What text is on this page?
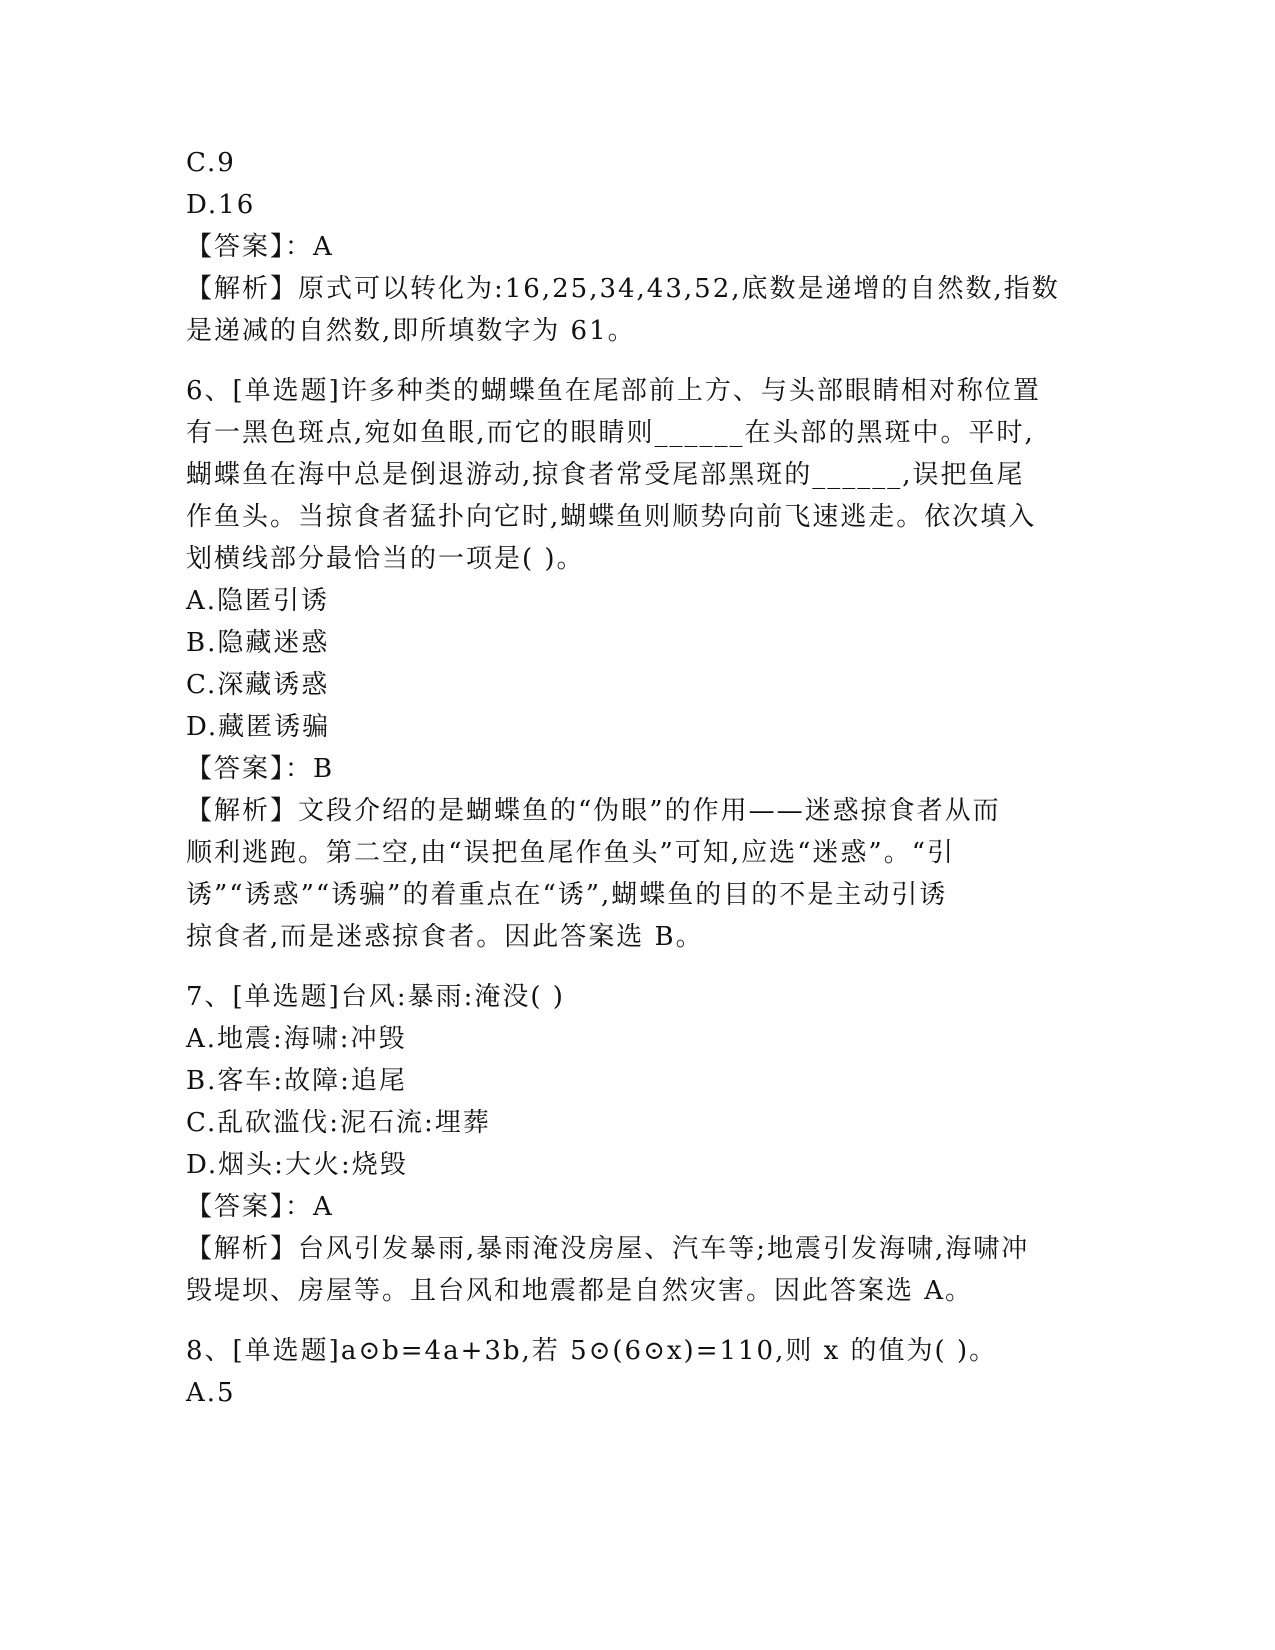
C.9
D.16
【答案】：A
【解析】原式可以转化为:16,25,34,43,52,底数是递增的自然数,指数
是递减的自然数,即所填数字为 61。
6、[单选题]许多种类的蝴蝶鱼在尾部前上方、与头部眼睛相对称位置
有一黑色斑点,宛如鱼眼,而它的眼睛则______在头部的黑斑中。平时,
蝴蝶鱼在海中总是倒退游动,掠食者常受尾部黑斑的______,误把鱼尾
作鱼头。当掠食者猛扑向它时,蝴蝶鱼则顺势向前飞速逃走。依次填入
划横线部分最恰当的一项是( )。
A.隐匿引诱
B.隐藏迷惑
C.深藏诱惑
D.藏匿诱骗
【答案】：B
【解析】文段介绍的是蝴蝶鱼的“伪眼”的作用——迷惑掠食者从而
顺利逃跑。第二空,由“误把鱼尾作鱼头”可知,应选“迷惑”。“引
诱”“诱惑”“诱骗”的着重点在“诱”,蝴蝶鱼的目的不是主动引诱
掠食者,而是迷惑掠食者。因此答案选 B。
7、[单选题]台风:暴雨:淹没( )
A.地震:海啸:冲毁
B.客车:故障:追尾
C.乱砍滥伐:泥石流:埋葬
D.烟头:大火:烧毁
【答案】：A
【解析】台风引发暴雨,暴雨淹没房屋、汽车等;地震引发海啸,海啸冲
毁堤坝、房屋等。且台风和地震都是自然灾害。因此答案选 A。
8、[单选题]a⊙b=4a+3b,若 5⊙(6⊙x)=110,则 x 的值为( )。
A.5
